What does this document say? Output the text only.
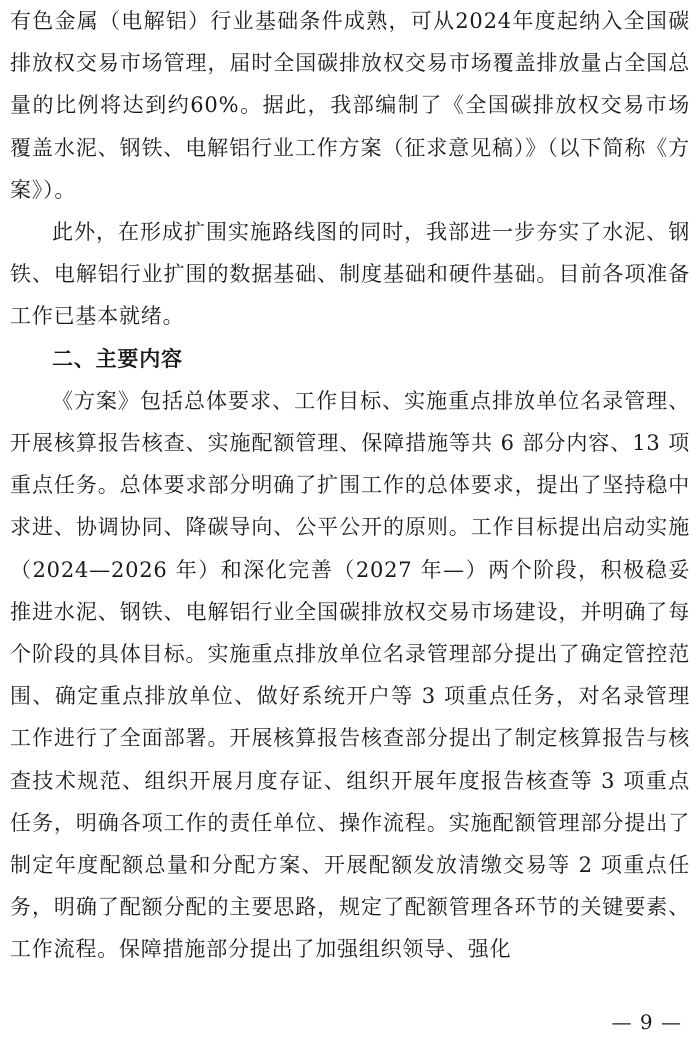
有色金属（电解铝）行业基础条件成熟，可从2024年度起纳入全国碳排放权交易市场管理，届时全国碳排放权交易市场覆盖排放量占全国总量的比例将达到约60%。据此，我部编制了《全国碳排放权交易市场覆盖水泥、钢铁、电解铝行业工作方案（征求意见稿）》（以下简称《方案》）。

此外，在形成扩围实施路线图的同时，我部进一步夯实了水泥、钢铁、电解铝行业扩围的数据基础、制度基础和硬件基础。目前各项准备工作已基本就绪。

二、主要内容

《方案》包括总体要求、工作目标、实施重点排放单位名录管理、开展核算报告核查、实施配额管理、保障措施等共 6 部分内容、13 项重点任务。总体要求部分明确了扩围工作的总体要求，提出了坚持稳中求进、协调协同、降碳导向、公平公开的原则。工作目标提出启动实施（2024—2026 年）和深化完善（2027 年—）两个阶段，积极稳妥推进水泥、钢铁、电解铝行业全国碳排放权交易市场建设，并明确了每个阶段的具体目标。实施重点排放单位名录管理部分提出了确定管控范围、确定重点排放单位、做好系统开户等 3 项重点任务，对名录管理工作进行了全面部署。开展核算报告核查部分提出了制定核算报告与核查技术规范、组织开展月度存证、组织开展年度报告核查等 3 项重点任务，明确各项工作的责任单位、操作流程。实施配额管理部分提出了制定年度配额总量和分配方案、开展配额发放清缴交易等 2 项重点任务，明确了配额分配的主要思路，规定了配额管理各环节的关键要素、工作流程。保障措施部分提出了加强组织领导、强化

— 9 —
